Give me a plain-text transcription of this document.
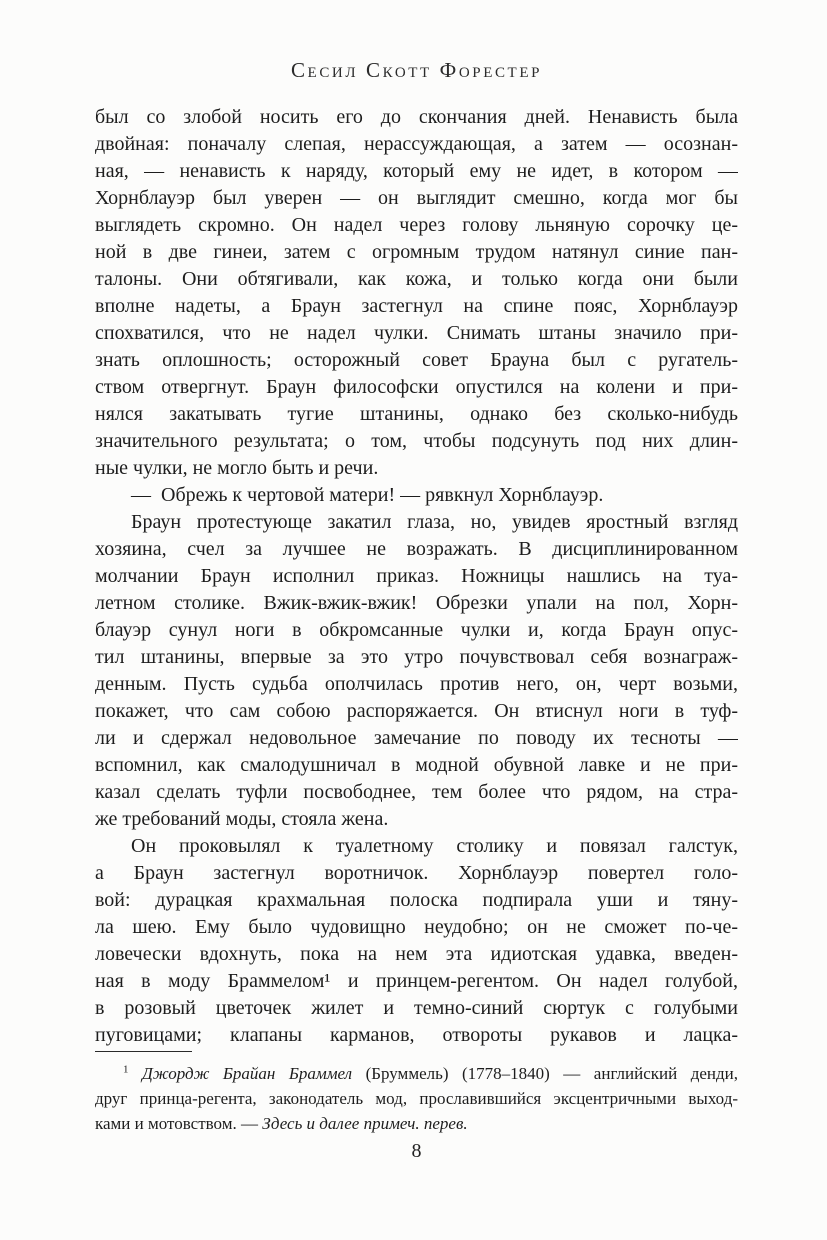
Сесил Скотт Форестер
был со злобой носить его до скончания дней. Ненависть была
двойная: поначалу слепая, нерассуждающая, а затем — осознан-
ная, — ненависть к наряду, который ему не идет, в котором —
Хорнблауэр был уверен — он выглядит смешно, когда мог бы
выглядеть скромно. Он надел через голову льняную сорочку це-
ной в две гинеи, затем с огромным трудом натянул синие пан-
талоны. Они обтягивали, как кожа, и только когда они были
вполне надеты, а Браун застегнул на спине пояс, Хорнблауэр
спохватился, что не надел чулки. Снимать штаны значило при-
знать оплошность; осторожный совет Брауна был с ругатель-
ством отвергнут. Браун философски опустился на колени и при-
нялся закатывать тугие штанины, однако без сколько-нибудь
значительного результата; о том, чтобы подсунуть под них длин-
ные чулки, не могло быть и речи.
— Обрежь к чертовой матери! — рявкнул Хорнблауэр.
Браун протестующе закатил глаза, но, увидев яростный взгляд
хозяина, счел за лучшее не возражать. В дисциплинированном
молчании Браун исполнил приказ. Ножницы нашлись на туа-
летном столике. Вжик-вжик-вжик! Обрезки упали на пол, Хорн-
блауэр сунул ноги в обкромсанные чулки и, когда Браун опус-
тил штанины, впервые за это утро почувствовал себя вознаграж-
денным. Пусть судьба ополчилась против него, он, черт возьми,
покажет, что сам собою распоряжается. Он втиснул ноги в туф-
ли и сдержал недовольное замечание по поводу их тесноты —
вспомнил, как смалодушничал в модной обувной лавке и не при-
казал сделать туфли посвободнее, тем более что рядом, на стра-
же требований моды, стояла жена.
Он проковылял к туалетному столику и повязал галстук,
а Браун застегнул воротничок. Хорнблауэр повертел голо-
вой: дурацкая крахмальная полоска подпирала уши и тяну-
ла шею. Ему было чудовищно неудобно; он не сможет по-че-
ловечески вдохнуть, пока на нем эта идиотская удавка, введен-
ная в моду Браммелом¹ и принцем-регентом. Он надел голубой,
в розовый цветочек жилет и темно-синий сюртук с голубыми
пуговицами; клапаны карманов, отвороты рукавов и лацка-
$^1$ Джордж Брайан Браммел (Бруммель) (1778–1840) — английский денди,
друг принца-регента, законодатель мод, прославившийся эксцентричными выход-
ками и мотовством. — Здесь и далее примеч. перев.
8
